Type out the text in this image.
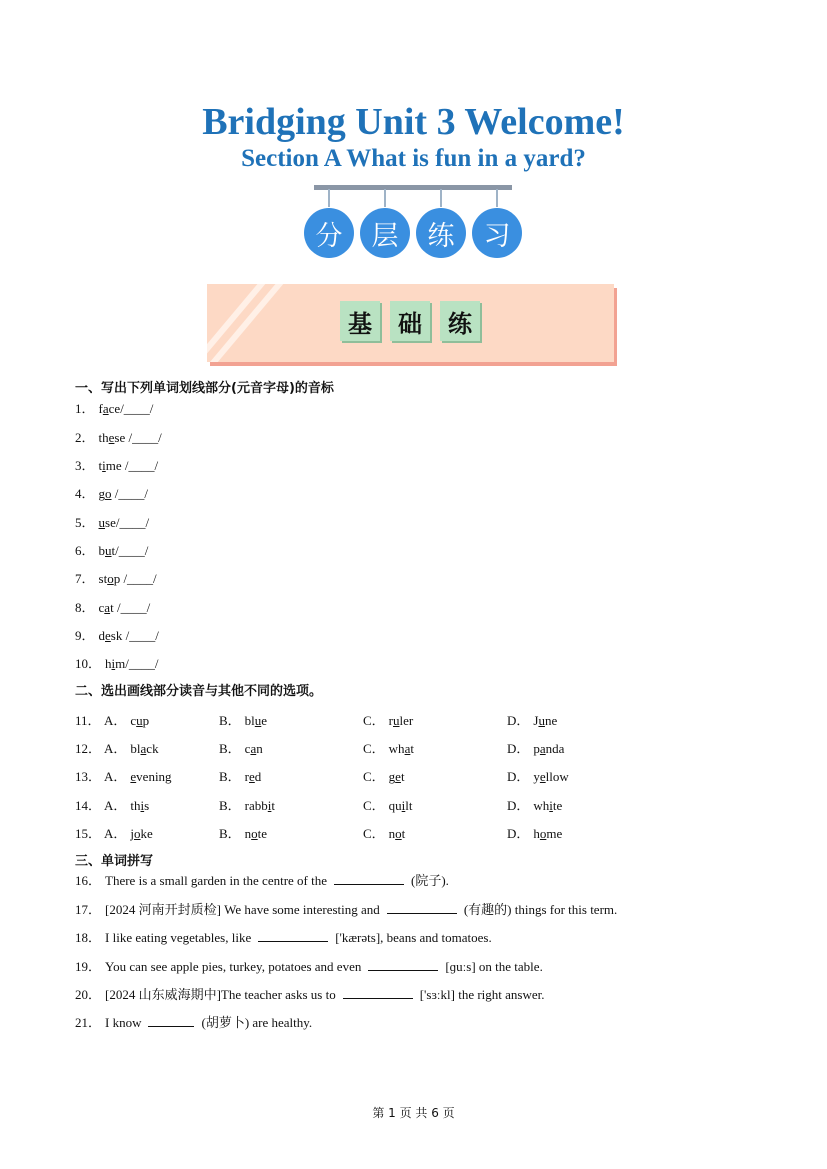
Bridging Unit 3 Welcome!
Section A What is fun in a yard?
分	层	练	习
基	础	练
一、写出下列单词划线部分(元音字母)的音标
1． face/____/
2． these /____/
3． time /____/
4． go /____/
5． use/____/
6． but/____/
7． stop /____/
8． cat /____/
9． desk /____/
10． him/____/
二、选出画线部分读音与其他不同的选项。
11． A． cup	B． blue	C． ruler	D． June
12． A． black	B． can	C． what	D． panda
13． A． evening	B． red	C． get	D． yellow
14． A． this	B． rabbit	C． quilt	D． white
15． A． joke	B． note	C． not	D． home
三、单词拼写
16． There is a small garden in the centre of the	(院子).
17． [2024 河南开封质检] We have some interesting and	(有趣的) things for this term.
18． I like eating vegetables, like	['kærəts], beans and tomatoes.
19． You can see apple pies, turkey, potatoes and even	[ɡuːs] on the table.
20． [2024 山东威海期中]The teacher asks us to	['sɜːkl] the right answer.
21． I know	(胡萝卜) are healthy.
第 1 页 共 6 页
